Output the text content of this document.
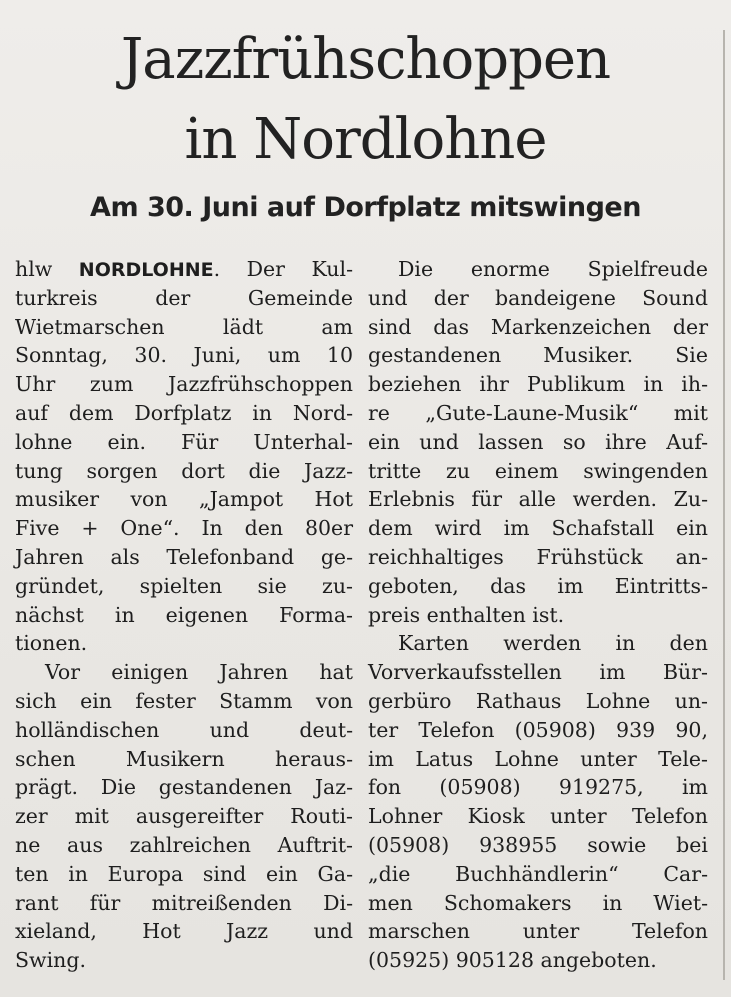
Jazzfrühschoppen
in Nordlohne
Am 30. Juni auf Dorfplatz mitswingen
hlw NORDLOHNE. Der Kul-
turkreis der Gemeinde
Wietmarschen lädt am
Sonntag, 30. Juni, um 10
Uhr zum Jazzfrühschoppen
auf dem Dorfplatz in Nord-
lohne ein. Für Unterhal-
tung sorgen dort die Jazz-
musiker von „Jampot Hot
Five + One“. In den 80er
Jahren als Telefonband ge-
gründet, spielten sie zu-
nächst in eigenen Forma-
tionen.
Vor einigen Jahren hat
sich ein fester Stamm von
holländischen und deut-
schen Musikern heraus-
prägt. Die gestandenen Jaz-
zer mit ausgereifter Routi-
ne aus zahlreichen Auftrit-
ten in Europa sind ein Ga-
rant für mitreißenden Di-
xieland, Hot Jazz und
Swing.
Die enorme Spielfreude
und der bandeigene Sound
sind das Markenzeichen der
gestandenen Musiker. Sie
beziehen ihr Publikum in ih-
re „Gute-Laune-Musik“ mit
ein und lassen so ihre Auf-
tritte zu einem swingenden
Erlebnis für alle werden. Zu-
dem wird im Schafstall ein
reichhaltiges Frühstück an-
geboten, das im Eintritts-
preis enthalten ist.
Karten werden in den
Vorverkaufsstellen im Bür-
gerbüro Rathaus Lohne un-
ter Telefon (05908) 939 90,
im Latus Lohne unter Tele-
fon (05908) 919275, im
Lohner Kiosk unter Telefon
(05908) 938955 sowie bei
„die Buchhändlerin“ Car-
men Schomakers in Wiet-
marschen unter Telefon
(05925) 905128 angeboten.
